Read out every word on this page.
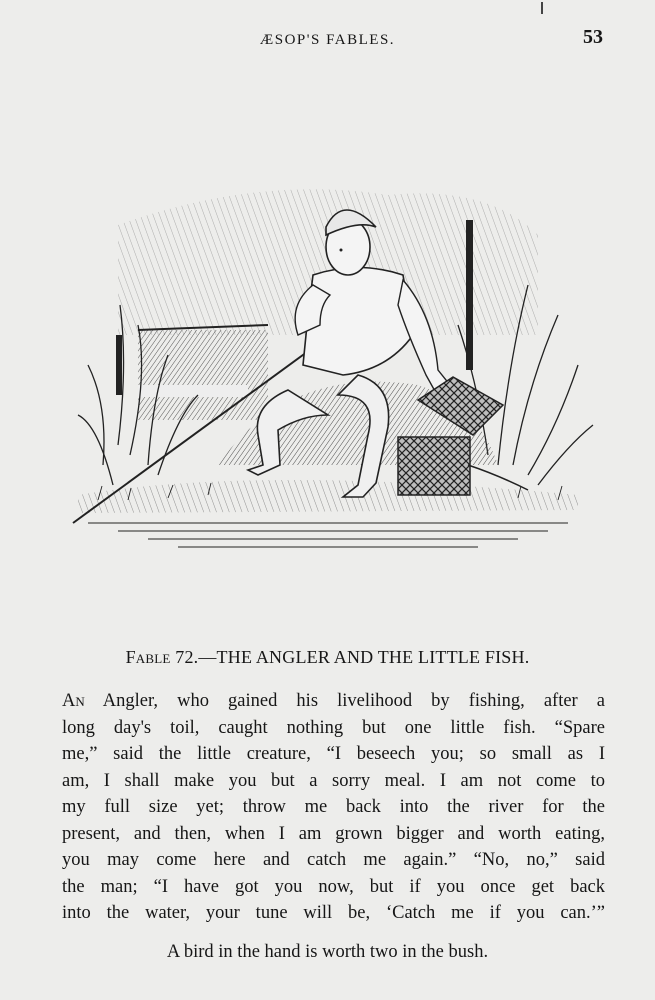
ÆSOP'S FABLES.	53
Fable 72.—THE ANGLER AND THE LITTLE FISH.
An Angler, who gained his livelihood by fishing, after a
long day's toil, caught nothing but one little fish. “Spare
me,” said the little creature, “I beseech you; so small as I
am, I shall make you but a sorry meal. I am not come to
my full size yet; throw me back into the river for the
present, and then, when I am grown bigger and worth eating,
you may come here and catch me again.” “No, no,” said
the man; “I have got you now, but if you once get back
into the water, your tune will be, ‘Catch me if you can.’”
A bird in the hand is worth two in the bush.
